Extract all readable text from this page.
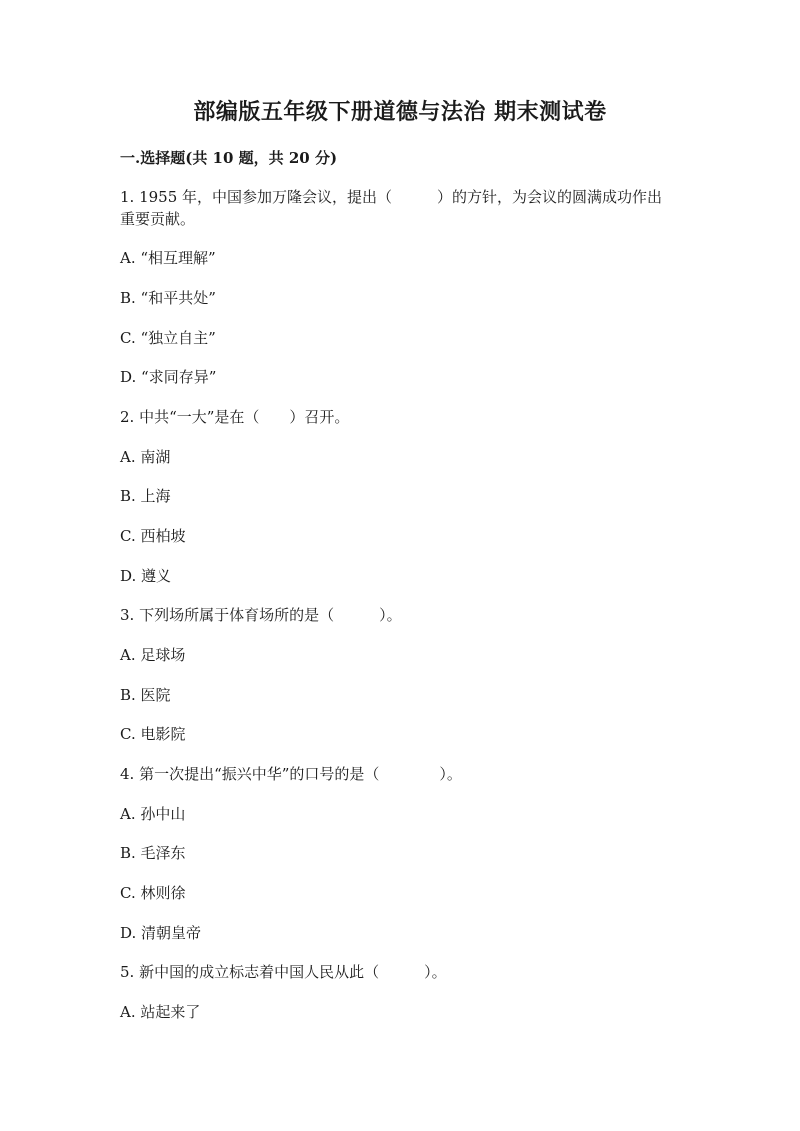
部编版五年级下册道德与法治 期末测试卷
一.选择题(共 10 题，共 20 分)
1. 1955 年，中国参加万隆会议，提出（　　　）的方针，为会议的圆满成功作出重要贡献。
A. “相互理解”
B. “和平共处”
C. “独立自主”
D. “求同存异”
2. 中共“一大”是在（　　）召开。
A. 南湖
B. 上海
C. 西柏坡
D. 遵义
3. 下列场所属于体育场所的是（　　　）。
A. 足球场
B. 医院
C. 电影院
4. 第一次提出“振兴中华”的口号的是（　　　　）。
A. 孙中山
B. 毛泽东
C. 林则徐
D. 清朝皇帝
5. 新中国的成立标志着中国人民从此（　　　）。
A. 站起来了
